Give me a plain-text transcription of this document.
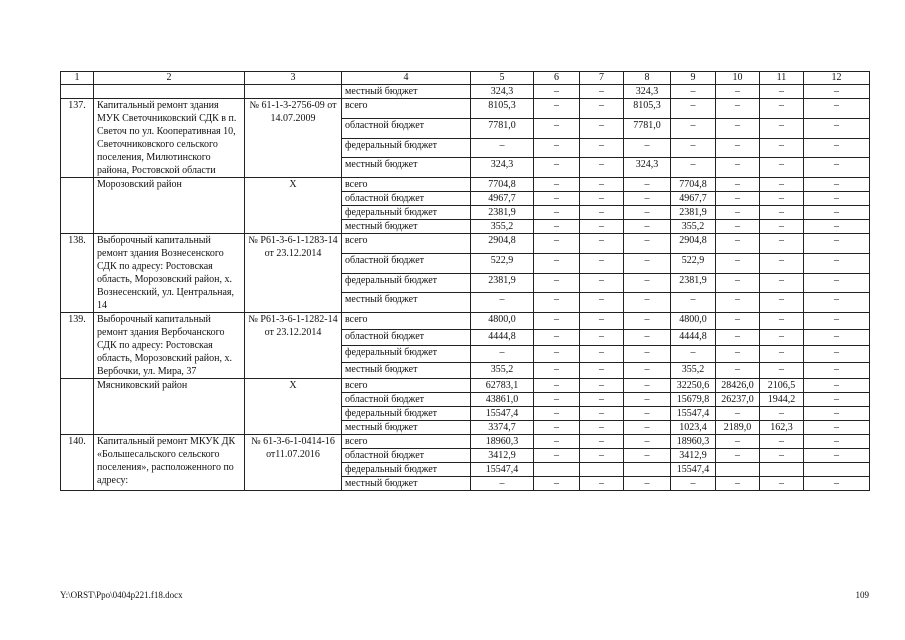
1	2	3	4	5	6	7	8	9	10	11	12
			местный бюджет	324,3	–	–	324,3	–	–	–	–
137.	Капитальный ремонт здания МУК Светочниковский СДК в п. Светоч по ул. Кооперативная 10, Светочниковского сельского поселения, Милютинского района, Ростовской области	№ 61-1-3-2756-09 от 14.07.2009	всего	8105,3	–	–	8105,3	–	–	–	–
			областной бюджет	7781,0	–	–	7781,0	–	–	–	–
			федеральный бюджет	–	–	–	–	–	–	–	–
			местный бюджет	324,3	–	–	324,3	–	–	–	–
	Морозовский район	Х	всего	7704,8	–	–	–	7704,8	–	–	–
			областной бюджет	4967,7	–	–	–	4967,7	–	–	–
			федеральный бюджет	2381,9	–	–	–	2381,9	–	–	–
			местный бюджет	355,2	–	–	–	355,2	–	–	–
138.	Выборочный капитальный ремонт здания Вознесенского СДК по адресу: Ростовская область, Морозовский район, х. Вознесенский, ул. Центральная, 14	№ Р61-3-6-1-1283-14 от 23.12.2014	всего	2904,8	–	–	–	2904,8	–	–	–
			областной бюджет	522,9	–	–	–	522,9	–	–	–
			федеральный бюджет	2381,9	–	–	–	2381,9	–	–	–
			местный бюджет	–	–	–	–	–	–	–	–
139.	Выборочный капитальный ремонт здания Вербочанского СДК по адресу: Ростовская область, Морозовский район, х. Вербочки, ул. Мира, 37	№ Р61-3-6-1-1282-14 от 23.12.2014	всего	4800,0	–	–	–	4800,0	–	–	–
			областной бюджет	4444,8	–	–	–	4444,8	–	–	–
			федеральный бюджет	–	–	–	–	–	–	–	–
			местный бюджет	355,2	–	–	–	355,2	–	–	–
	Мясниковский район	Х	всего	62783,1	–	–	–	32250,6	28426,0	2106,5	–
			областной бюджет	43861,0	–	–	–	15679,8	26237,0	1944,2	–
			федеральный бюджет	15547,4	–	–	–	15547,4	–	–	–
			местный бюджет	3374,7	–	–	–	1023,4	2189,0	162,3	–
140.	Капитальный ремонт МКУК ДК «Большесальского сельского поселения», расположенного по адресу:	№ 61-3-6-1-0414-16 от11.07.2016	всего	18960,3	–	–	–	18960,3	–	–	–
			областной бюджет	3412,9	–	–	–	3412,9	–	–	–
			федеральный бюджет	15547,4				15547,4			
			местный бюджет	–	–	–	–	–	–	–	–
Y:\ORST\Ppo\0404p221.f18.docx	109
